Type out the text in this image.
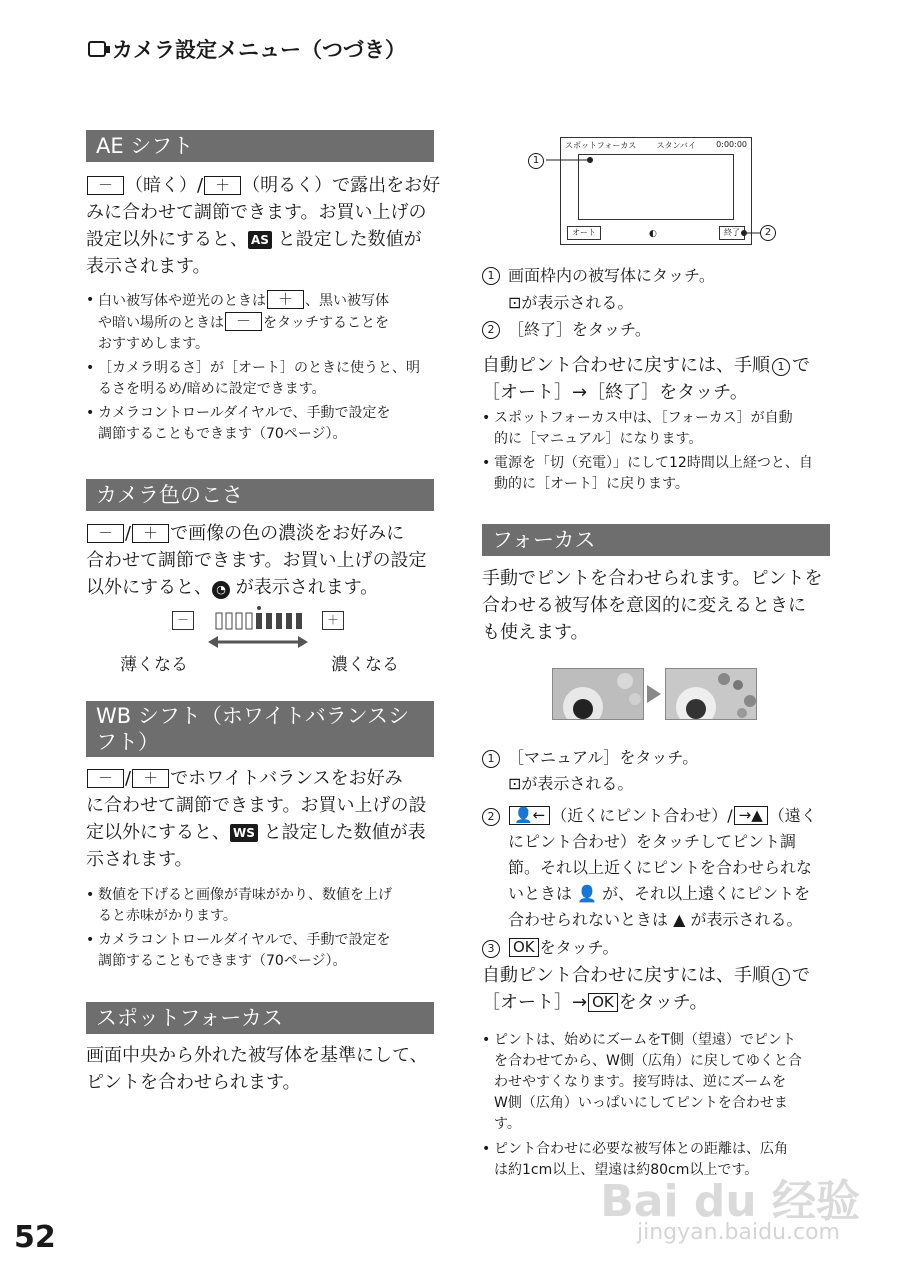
カメラ設定メニュー（つづき）
AE シフト
－ （暗く）/ ＋ （明るく）で露出をお好
みに合わせて調節できます。お買い上げの
設定以外にすると、 AS と設定した数値が
表示されます。
• 白い被写体や逆光のときは ＋ 、黒い被写体
や暗い場所のときは － をタッチすることを
おすすめします。
• ［カメラ明るさ］が［オート］のときに使うと、明
るさを明るめ/暗めに設定できます。
• カメラコントロールダイヤルで、手動で設定を
調節することもできます（70ページ）。
カメラ色のこさ
－ / ＋ で画像の色の濃淡をお好みに
合わせて調節できます。お買い上げの設定
以外にすると、 ◔ が表示されます。
－	＋
薄くなる	濃くなる
WB シフト（ホワイトバランスシ
フト）
－ / ＋ でホワイトバランスをお好み
に合わせて調節できます。お買い上げの設
定以外にすると、 WS と設定した数値が表
示されます。
• 数値を下げると画像が青味がかり、数値を上げ
ると赤味がかります。
• カメラコントロールダイヤルで、手動で設定を
調節することもできます（70ページ）。
スポットフォーカス
画面中央から外れた被写体を基準にして、
ピントを合わせられます。
スポットフォーカス	スタンバイ	0:00:00
オート	◐	終了
1
2
1 画面枠内の被写体にタッチ。
⊡が表示される。
2 ［終了］をタッチ。
自動ピント合わせに戻すには、手順 1 で
［オート］→［終了］をタッチ。
• スポットフォーカス中は、［フォーカス］が自動
的に［マニュアル］になります。
• 電源を「切（充電）」にして12時間以上経つと、自
動的に［オート］に戻ります。
フォーカス
手動でピントを合わせられます。ピントを
合わせる被写体を意図的に変えるときに
も使えます。
1 ［マニュアル］をタッチ。
⊡が表示される。
2	👤← （近くにピント合わせ）/ →▲ （遠く
にピント合わせ）をタッチしてピント調
節。それ以上近くにピントを合わせられな
いときは 👤 が、それ以上遠くにピントを
合わせられないときは ▲ が表示される。
3	OK をタッチ。
自動ピント合わせに戻すには、手順 1 で
［オート］→ OK をタッチ。
• ピントは、始めにズームをT側（望遠）でピント
を合わせてから、W側（広角）に戻してゆくと合
わせやすくなります。接写時は、逆にズームを
W側（広角）いっぱいにしてピントを合わせま
す。
• ピント合わせに必要な被写体との距離は、広角
は約1cm以上、望遠は約80cm以上です。
52
Bai du 经验
jingyan.baidu.com
